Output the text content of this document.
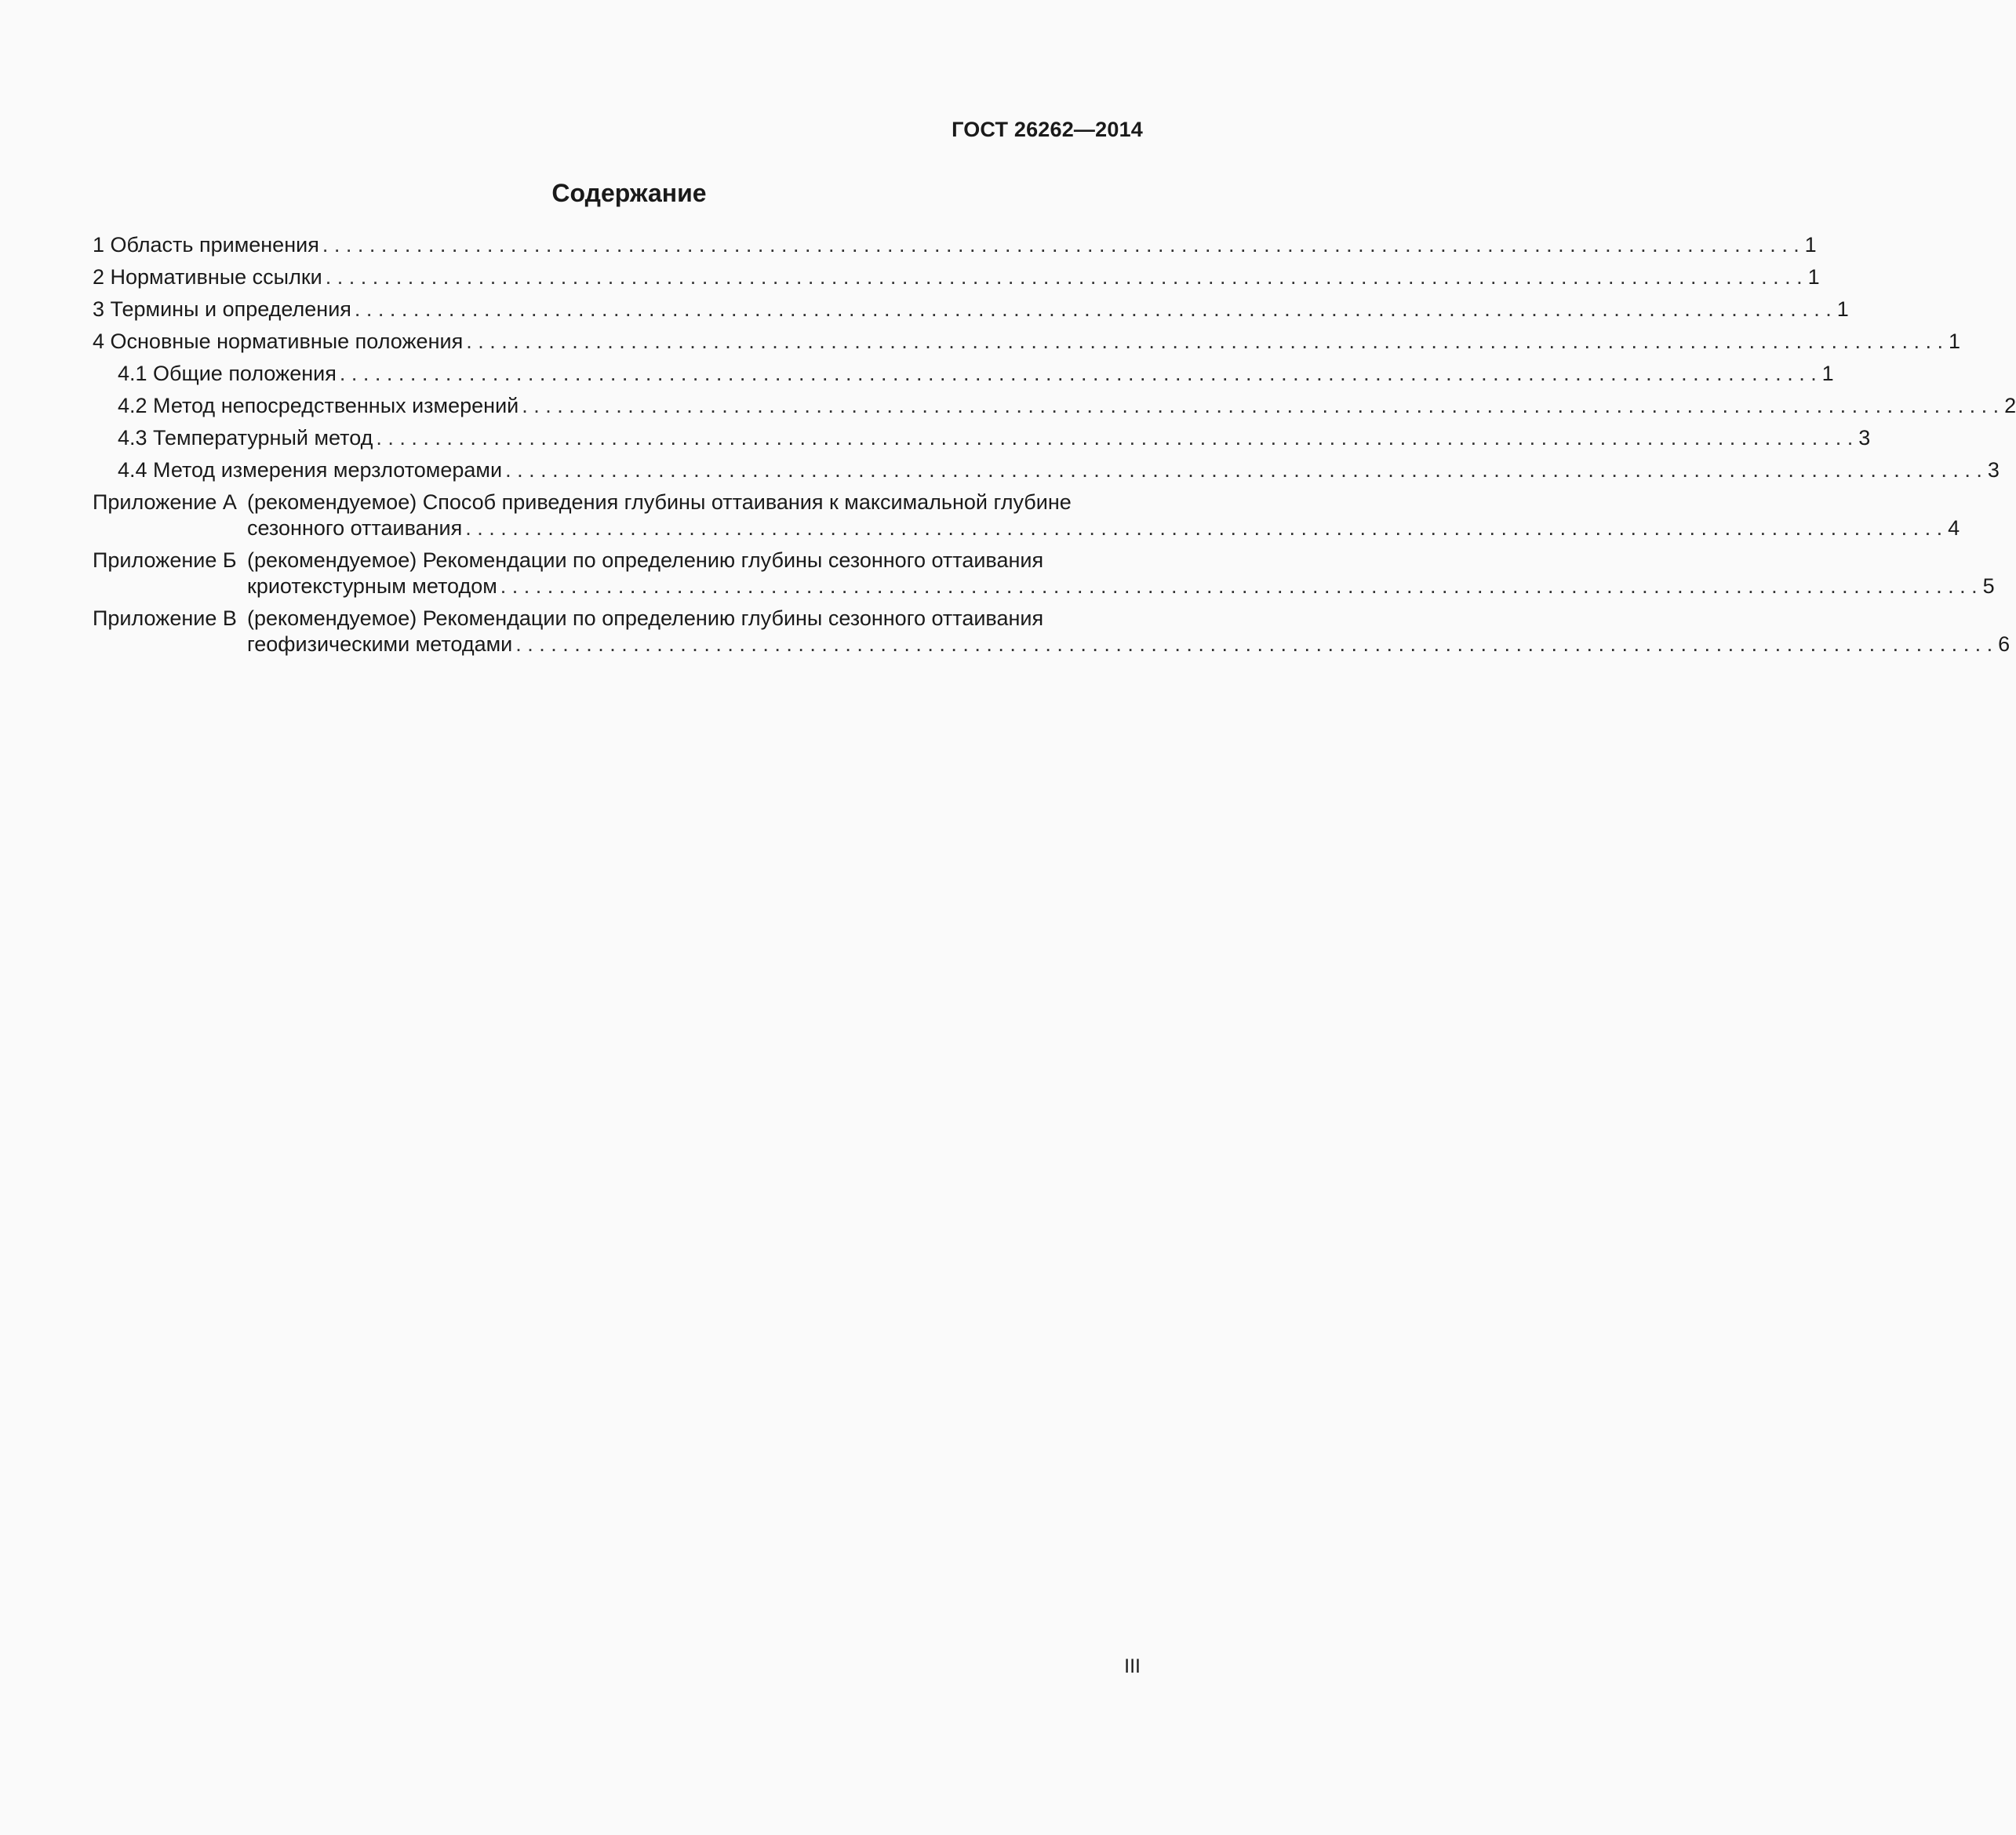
ГОСТ 26262—2014
Содержание
1 Область применения . . .	1
2 Нормативные ссылки . . .	1
3 Термины и определения . . .	1
4 Основные нормативные положения . . .	1
4.1 Общие положения . . .	1
4.2 Метод непосредственных измерений . . .	2
4.3 Температурный метод . . .	3
4.4 Метод измерения мерзлотомерами . . .	3
Приложение А (рекомендуемое) Способ приведения глубины оттаивания к максимальной глубине
сезонного оттаивания . . .	4
Приложение Б (рекомендуемое) Рекомендации по определению глубины сезонного оттаивания
криотекстурным методом . . .	5
Приложение В (рекомендуемое) Рекомендации по определению глубины сезонного оттаивания
геофизическими методами . . .	6
III
